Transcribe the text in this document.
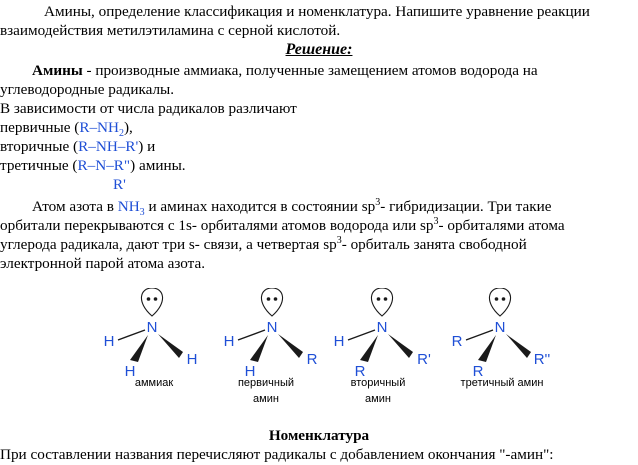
Амины, определение классификация и номенклатура. Напишите уравнение реакции
взаимодействия метилэтиламина с серной кислотой.
Решение:
Амины - производные аммиака, полученные замещением атомов водорода на
углеводородные радикалы.
В зависимости от числа радикалов различают
первичные $(R-NH_2)$,
вторичные (R–NH–R') и
третичные (R–N–R") амины.
R'
Атом азота в $NH_3$ и аминах находится в состоянии $sp^3-$ гибридизации. Три такие
орбитали перекрываются с 1s- орбиталями атомов водорода или $sp^3-$ орбиталями атома
углерода радикала, дают три s- связи, а четвертая $sp^3-$ орбиталь занята свободной
электронной парой атома азота.
N
H
H
H
N
H
H
R
N
H
R
R'
N
R
R
R''
аммиак	первичный
амин
вторичный
амин
третичный амин
Номенклатура
При составлении названия перечисляют радикалы с добавлением окончания "-амин":
